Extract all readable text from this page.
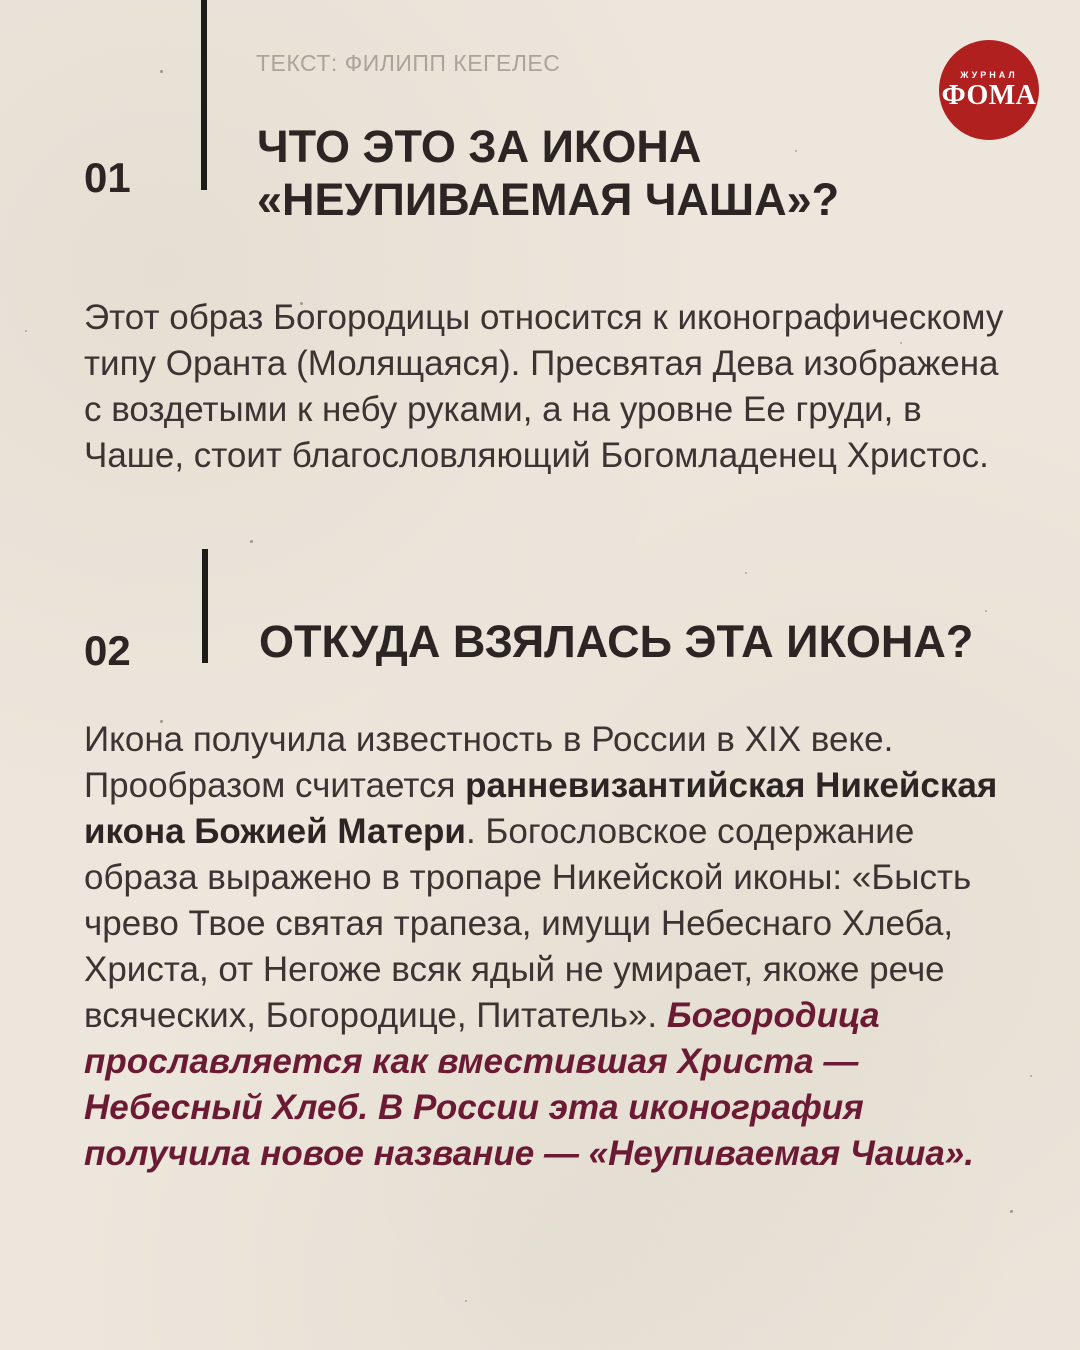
ТЕКСТ: ФИЛИПП КЕГЕЛЕС	ЖУРНАЛ
ФОМА
01
ЧТО ЭТО ЗА ИКОНА
«НЕУПИВАЕМАЯ ЧАША»?
Этот образ Богородицы относится к иконографическому типу Оранта (Молящаяся). Пресвятая Дева изображена с воздетыми к небу руками, а на уровне Ее груди, в Чаше, стоит благословляющий Богомладенец Христос.
02	ОТКУДА ВЗЯЛАСЬ ЭТА ИКОНА?
Икона получила известность в России в XIX веке. Прообразом считается ранневизантийская Никейская икона Божией Матери. Богословское содержание образа выражено в тропаре Никейской иконы: «Бысть чрево Твое святая трапеза, имущи Небеснаго Хлеба, Христа, от Негоже всяк ядый не умирает, якоже рече всяческих, Богородице, Питатель». Богородица прославляется как вместившая Христа — Небесный Хлеб. В России эта иконография получила новое название — «Неупиваемая Чаша».
